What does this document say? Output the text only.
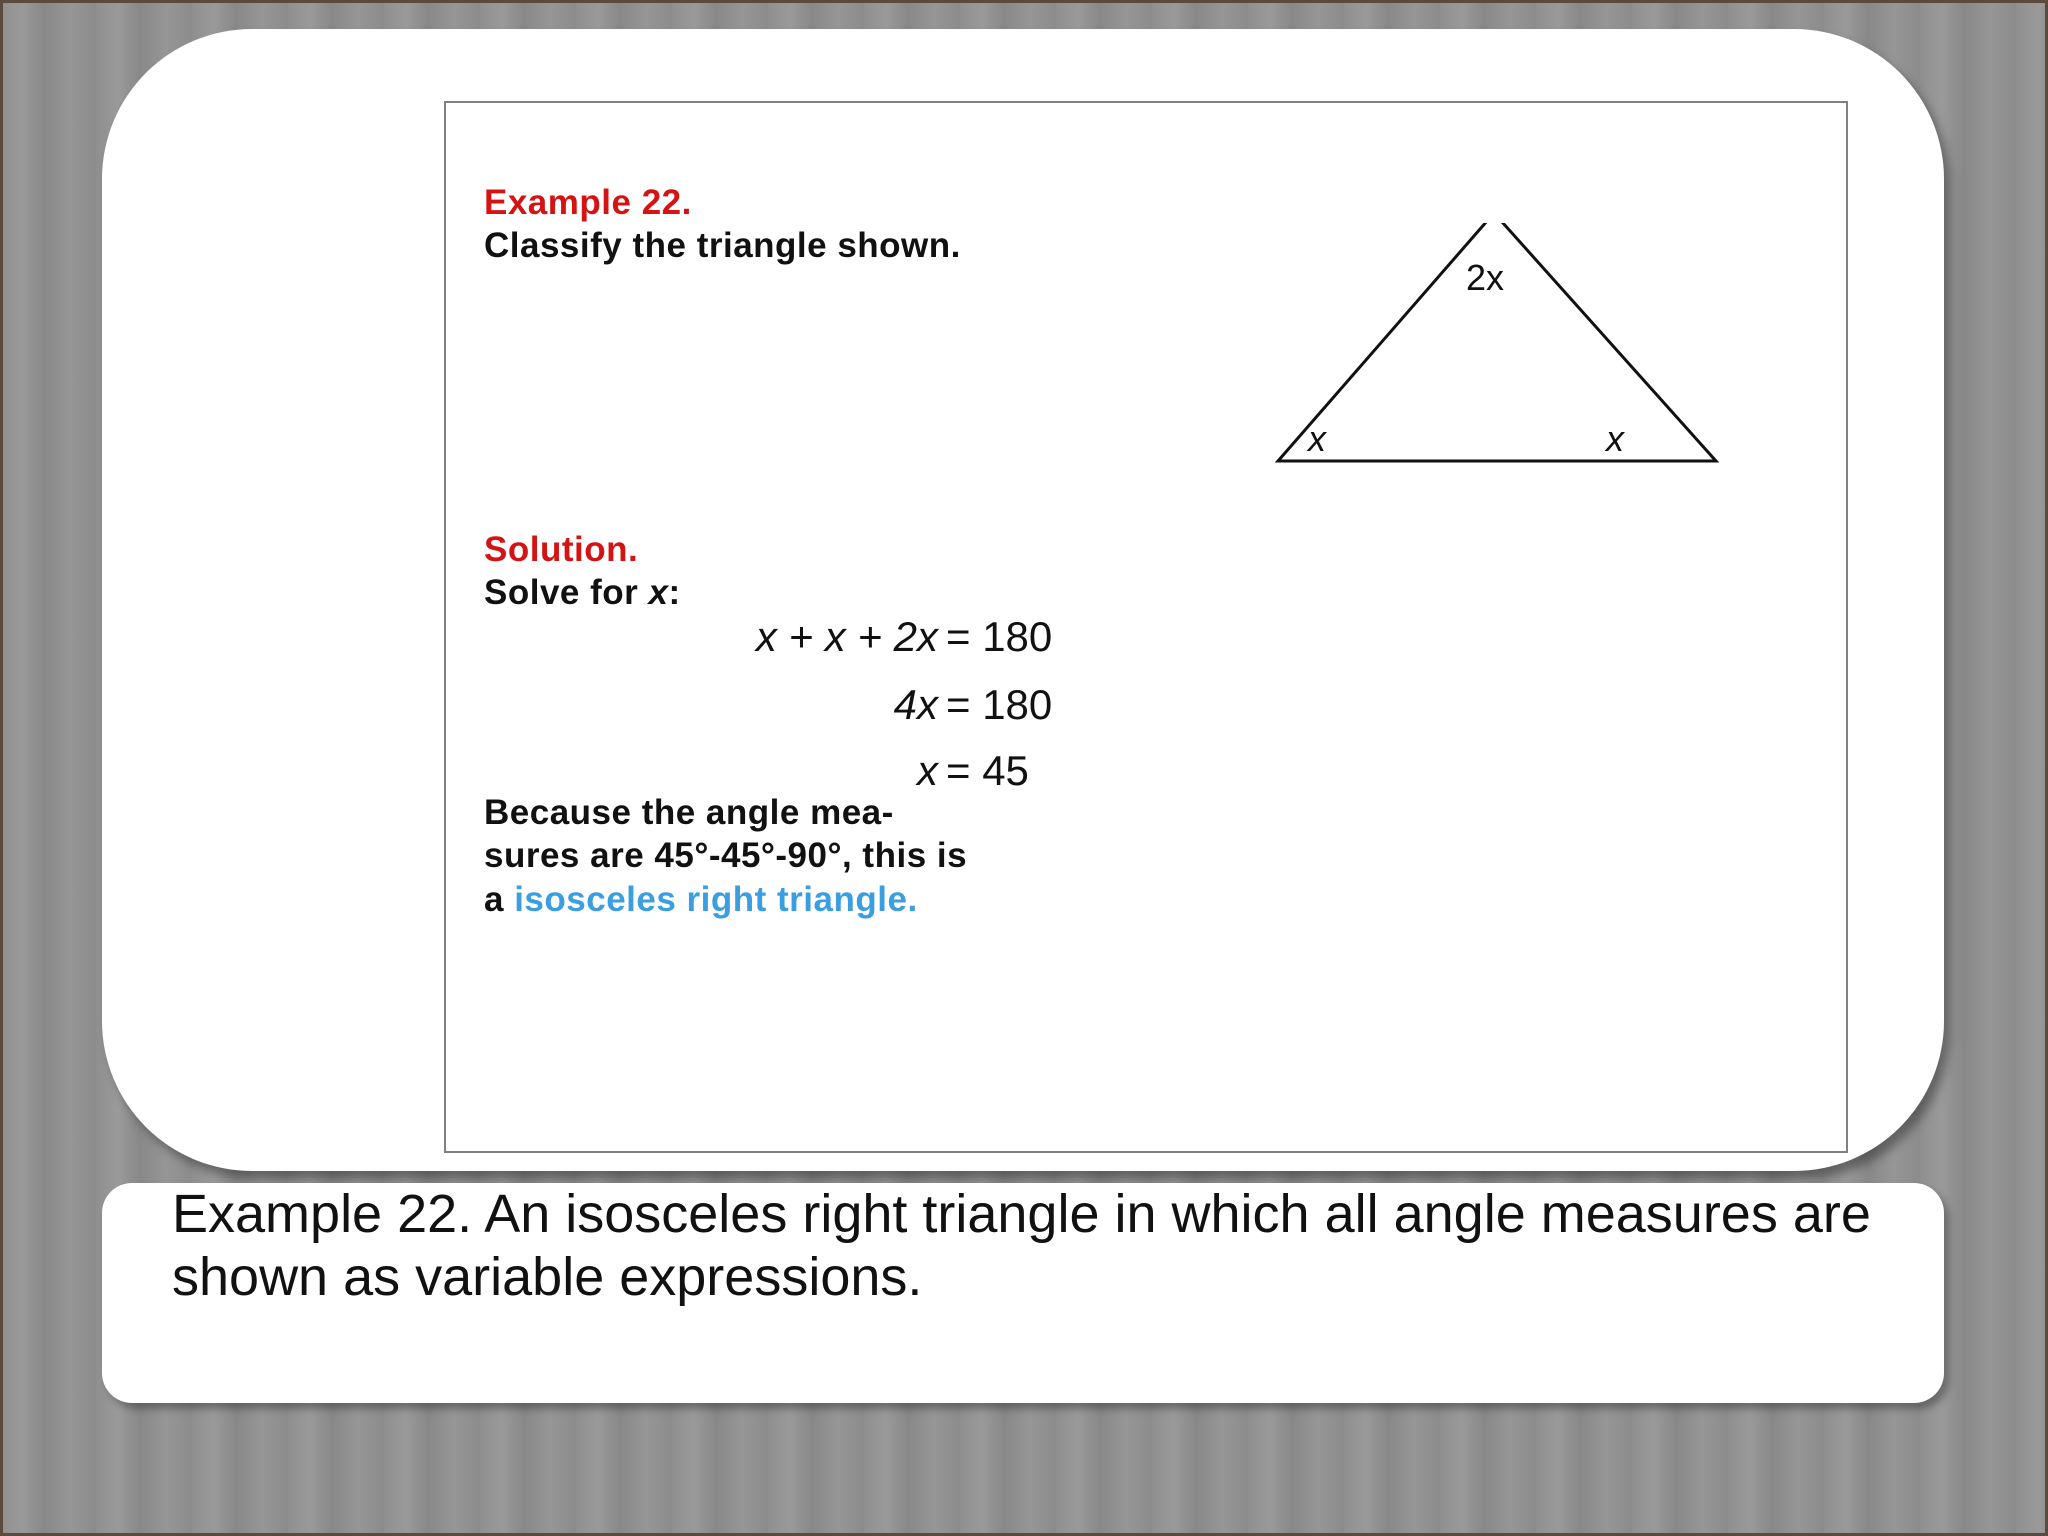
Example 22.
Classify the triangle shown.
2x
x	x
Solution.
Solve for x:
x + x + 2x = 180
4x = 180
x = 45
Because the angle mea-
sures are 45°-45°-90°, this is
a isosceles right triangle.
Example 22. An isosceles right triangle in which all angle measures are shown as variable expressions.
